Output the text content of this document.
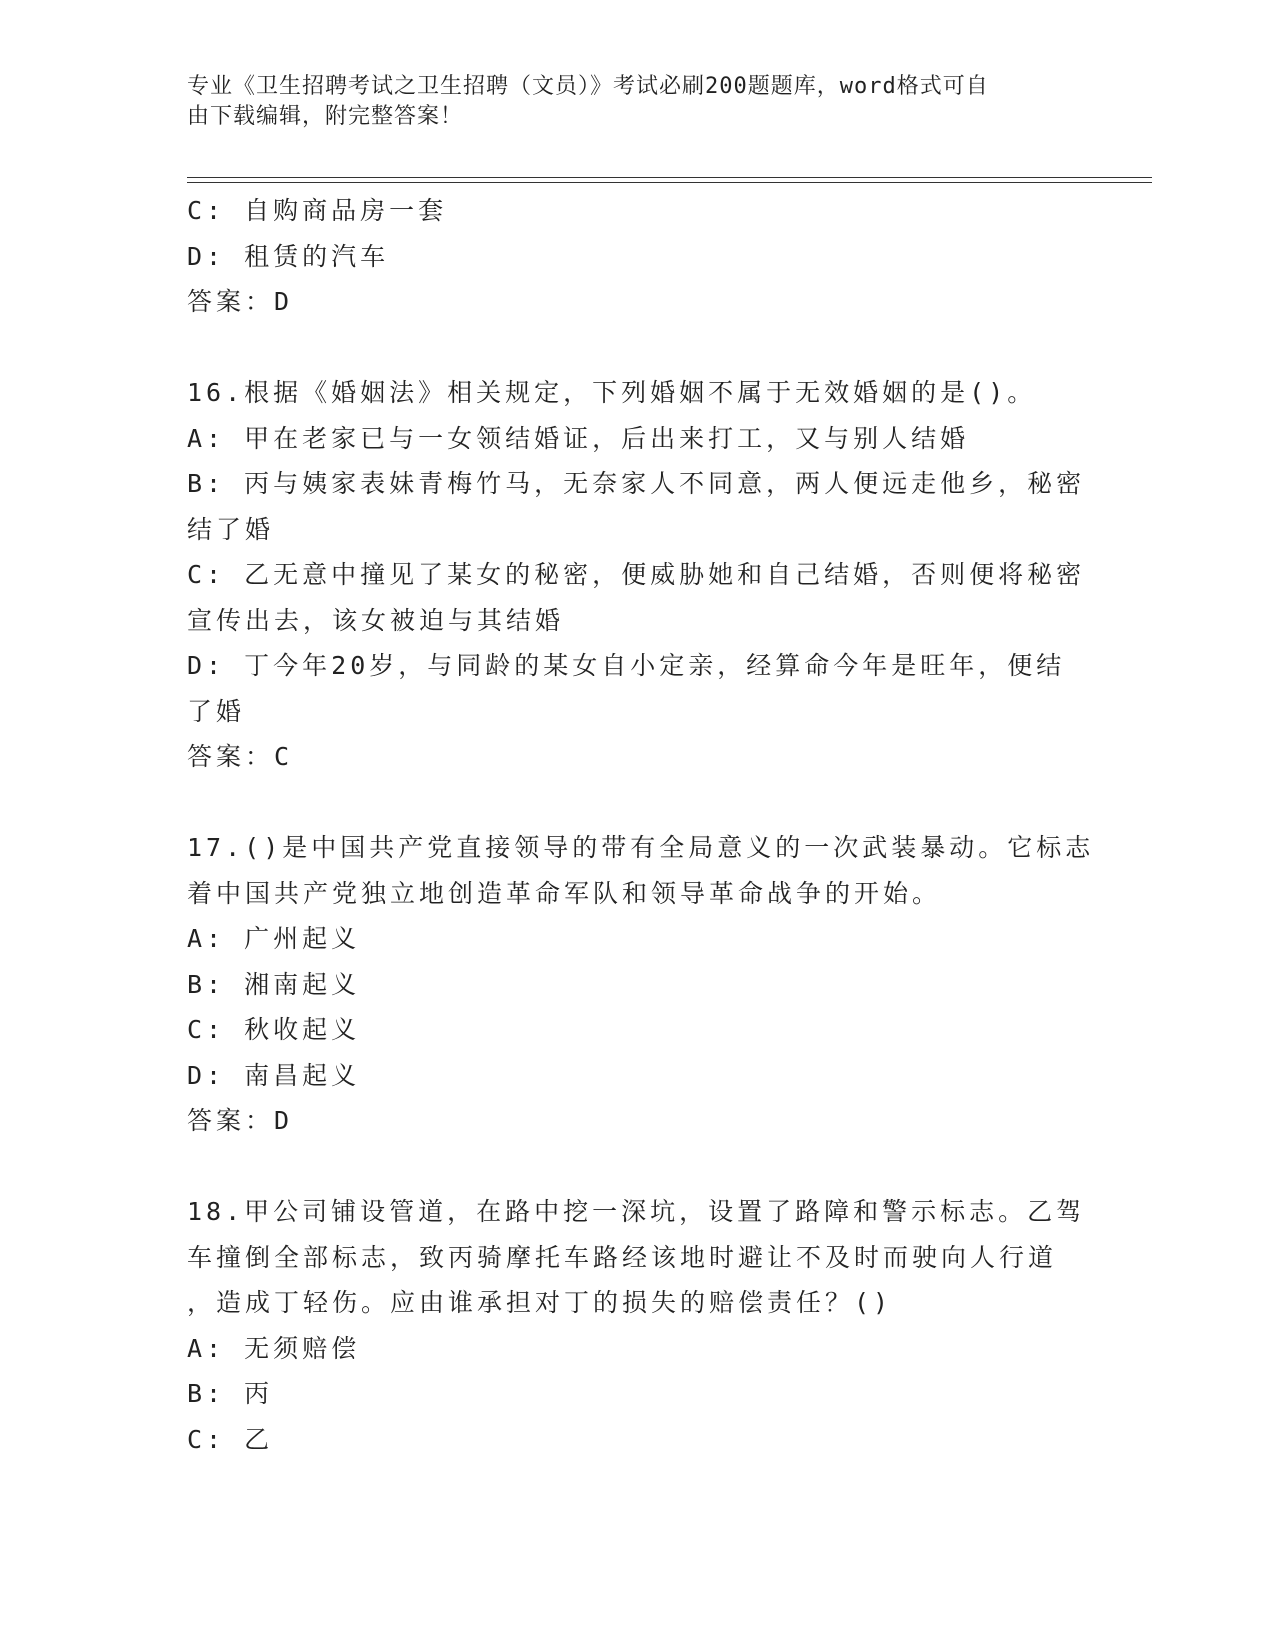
专业《卫生招聘考试之卫生招聘（文员）》考试必刷200题题库，word格式可自
由下载编辑，附完整答案！
C: 自购商品房一套
D: 租赁的汽车
答案：D
16.根据《婚姻法》相关规定，下列婚姻不属于无效婚姻的是()。
A: 甲在老家已与一女领结婚证，后出来打工，又与别人结婚
B: 丙与姨家表妹青梅竹马，无奈家人不同意，两人便远走他乡，秘密
结了婚
C: 乙无意中撞见了某女的秘密，便威胁她和自己结婚，否则便将秘密
宣传出去，该女被迫与其结婚
D: 丁今年20岁，与同龄的某女自小定亲，经算命今年是旺年，便结
了婚
答案：C
17.()是中国共产党直接领导的带有全局意义的一次武装暴动。它标志
着中国共产党独立地创造革命军队和领导革命战争的开始。
A: 广州起义
B: 湘南起义
C: 秋收起义
D: 南昌起义
答案：D
18.甲公司铺设管道，在路中挖一深坑，设置了路障和警示标志。乙驾
车撞倒全部标志，致丙骑摩托车路经该地时避让不及时而驶向人行道
，造成丁轻伤。应由谁承担对丁的损失的赔偿责任？()
A: 无须赔偿
B: 丙
C: 乙
